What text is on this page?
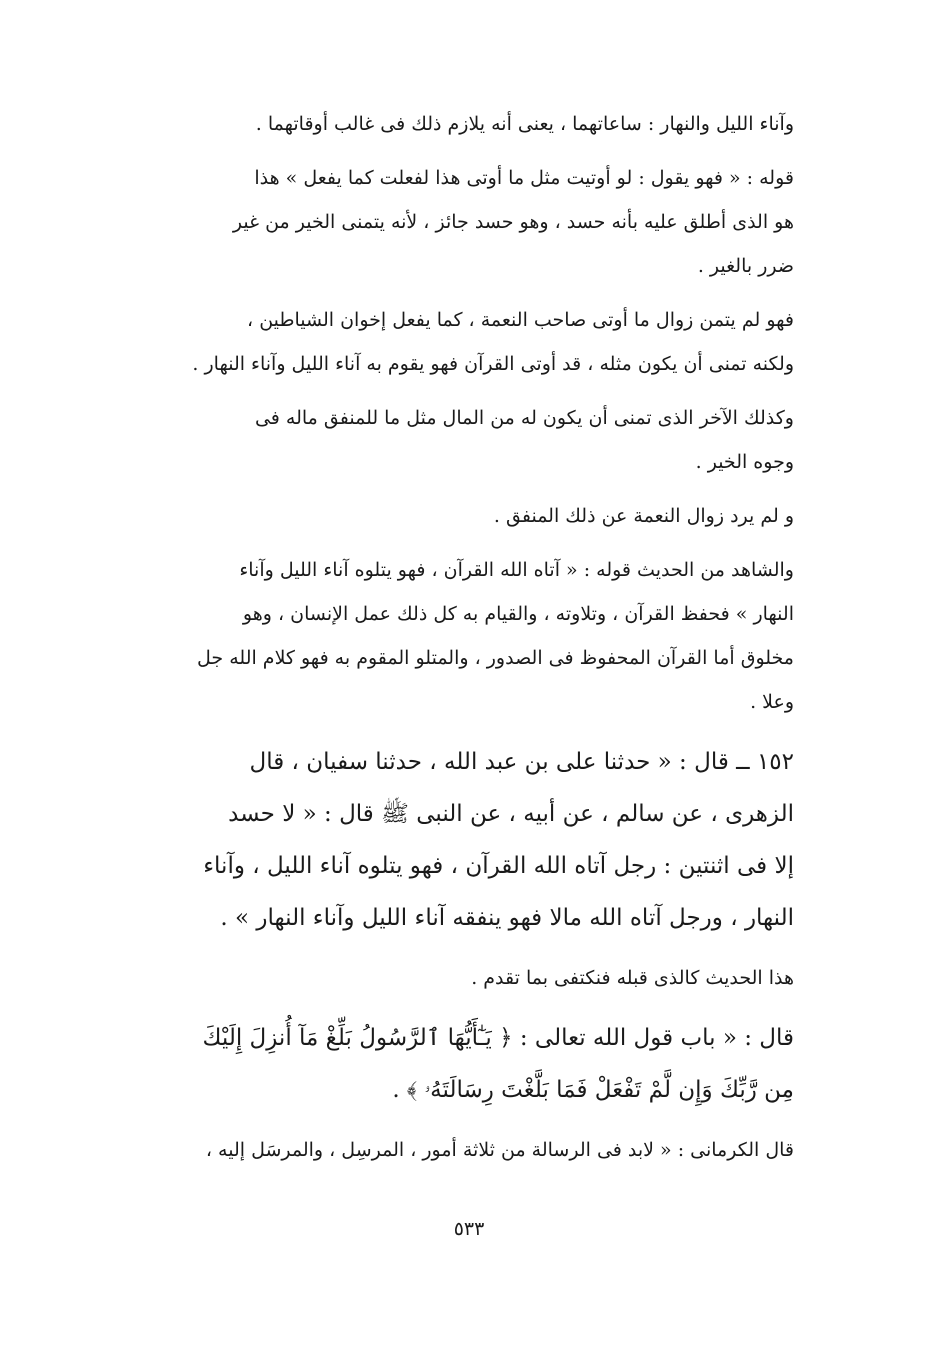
وآناء الليل والنهار : ساعاتهما ، يعنى أنه يلازم ذلك فى غالب أوقاتهما .

قوله : « فهو يقول : لو أوتيت مثل ما أوتى هذا لفعلت كما يفعل » هذا
هو الذى أطلق عليه بأنه حسد ، وهو حسد جائز ، لأنه يتمنى الخير من غير
ضرر بالغير .

فهو لم يتمن زوال ما أوتى صاحب النعمة ، كما يفعل إخوان الشياطين ،
ولكنه تمنى أن يكون مثله ، قد أوتى القرآن فهو يقوم به آناء الليل وآناء النهار .

وكذلك الآخر الذى تمنى أن يكون له من المال مثل ما للمنفق ماله فى
وجوه الخير .

و لم يرد زوال النعمة عن ذلك المنفق .

والشاهد من الحديث قوله : « آتاه الله القرآن ، فهو يتلوه آناء الليل وآناء
النهار » فحفظ القرآن ، وتلاوته ، والقيام به كل ذلك عمل الإنسان ، وهو
مخلوق أما القرآن المحفوظ فى الصدور ، والمتلو المقوم به فهو كلام الله جل
وعلا .

١٥٢ ــ قال : « حدثنا على بن عبد الله ، حدثنا سفيان ، قال
الزهرى ، عن سالم ، عن أبيه ، عن النبى ﷺ قال : « لا حسد
إلا فى اثنتين : رجل آتاه الله القرآن ، فهو يتلوه آناء الليل ، وآناء
النهار ، ورجل آتاه الله مالا فهو ينفقه آناء الليل وآناء النهار » .

هذا الحديث كالذى قبله فنكتفى بما تقدم .

قال : « باب قول الله تعالى : ﴿ يَـٰٓأَيُّهَا ٱلرَّسُولُ بَلِّغْ مَآ أُنزِلَ إِلَيْكَ
مِن رَّبِّكَ وَإِن لَّمْ تَفْعَلْ فَمَا بَلَّغْتَ رِسَالَتَهُۥ ﴾ .

قال الكرمانى : « لابد فى الرسالة من ثلاثة أمور ، المرسِل ، والمرسَل إليه ،

٥٣٣
